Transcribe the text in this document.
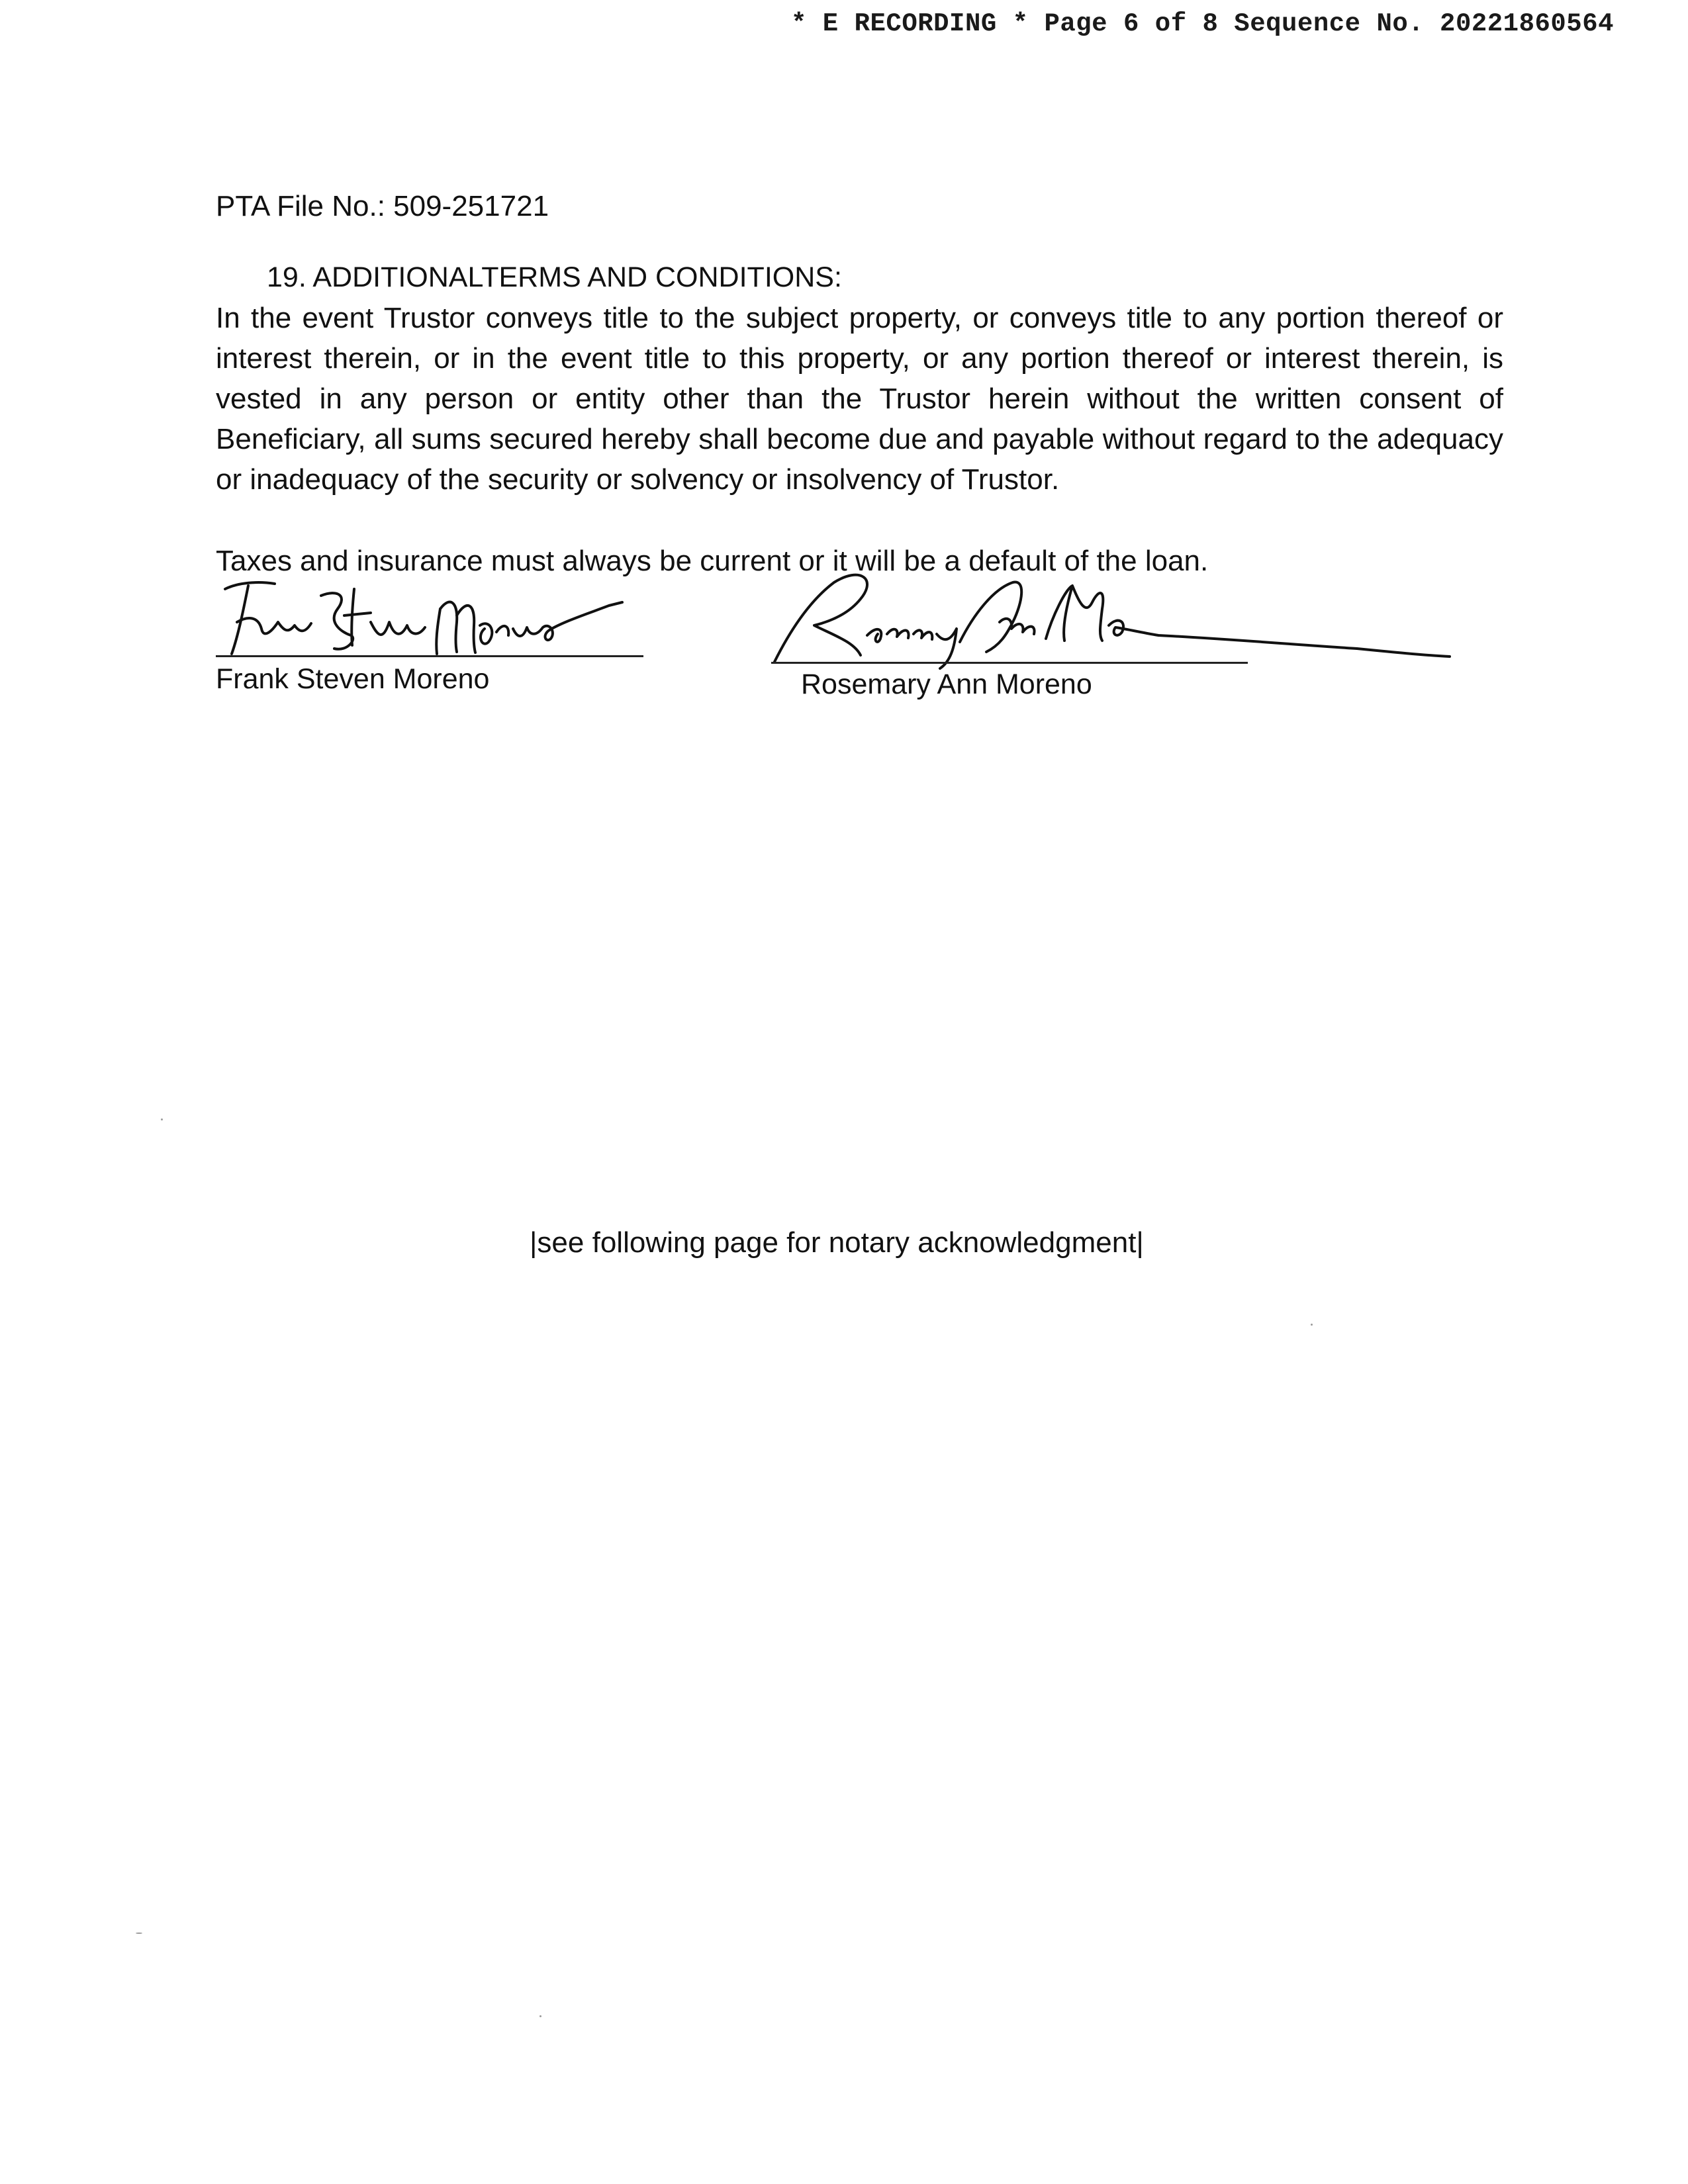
* E RECORDING * Page 6 of 8 Sequence No. 20221860564
PTA File No.: 509-251721
19. ADDITIONALTERMS AND CONDITIONS:

In the event Trustor conveys title to the subject property, or conveys title to any portion thereof or interest therein, or in the event title to this property, or any portion thereof or interest therein, is vested in any person or entity other than the Trustor herein without the written consent of Beneficiary, all sums secured hereby shall become due and payable without regard to the adequacy or inadequacy of the security or solvency or insolvency of Trustor.

Taxes and insurance must always be current or it will be a default of the loan.
Frank Steven Moreno	Rosemary Ann Moreno
|see following page for notary acknowledgment|
